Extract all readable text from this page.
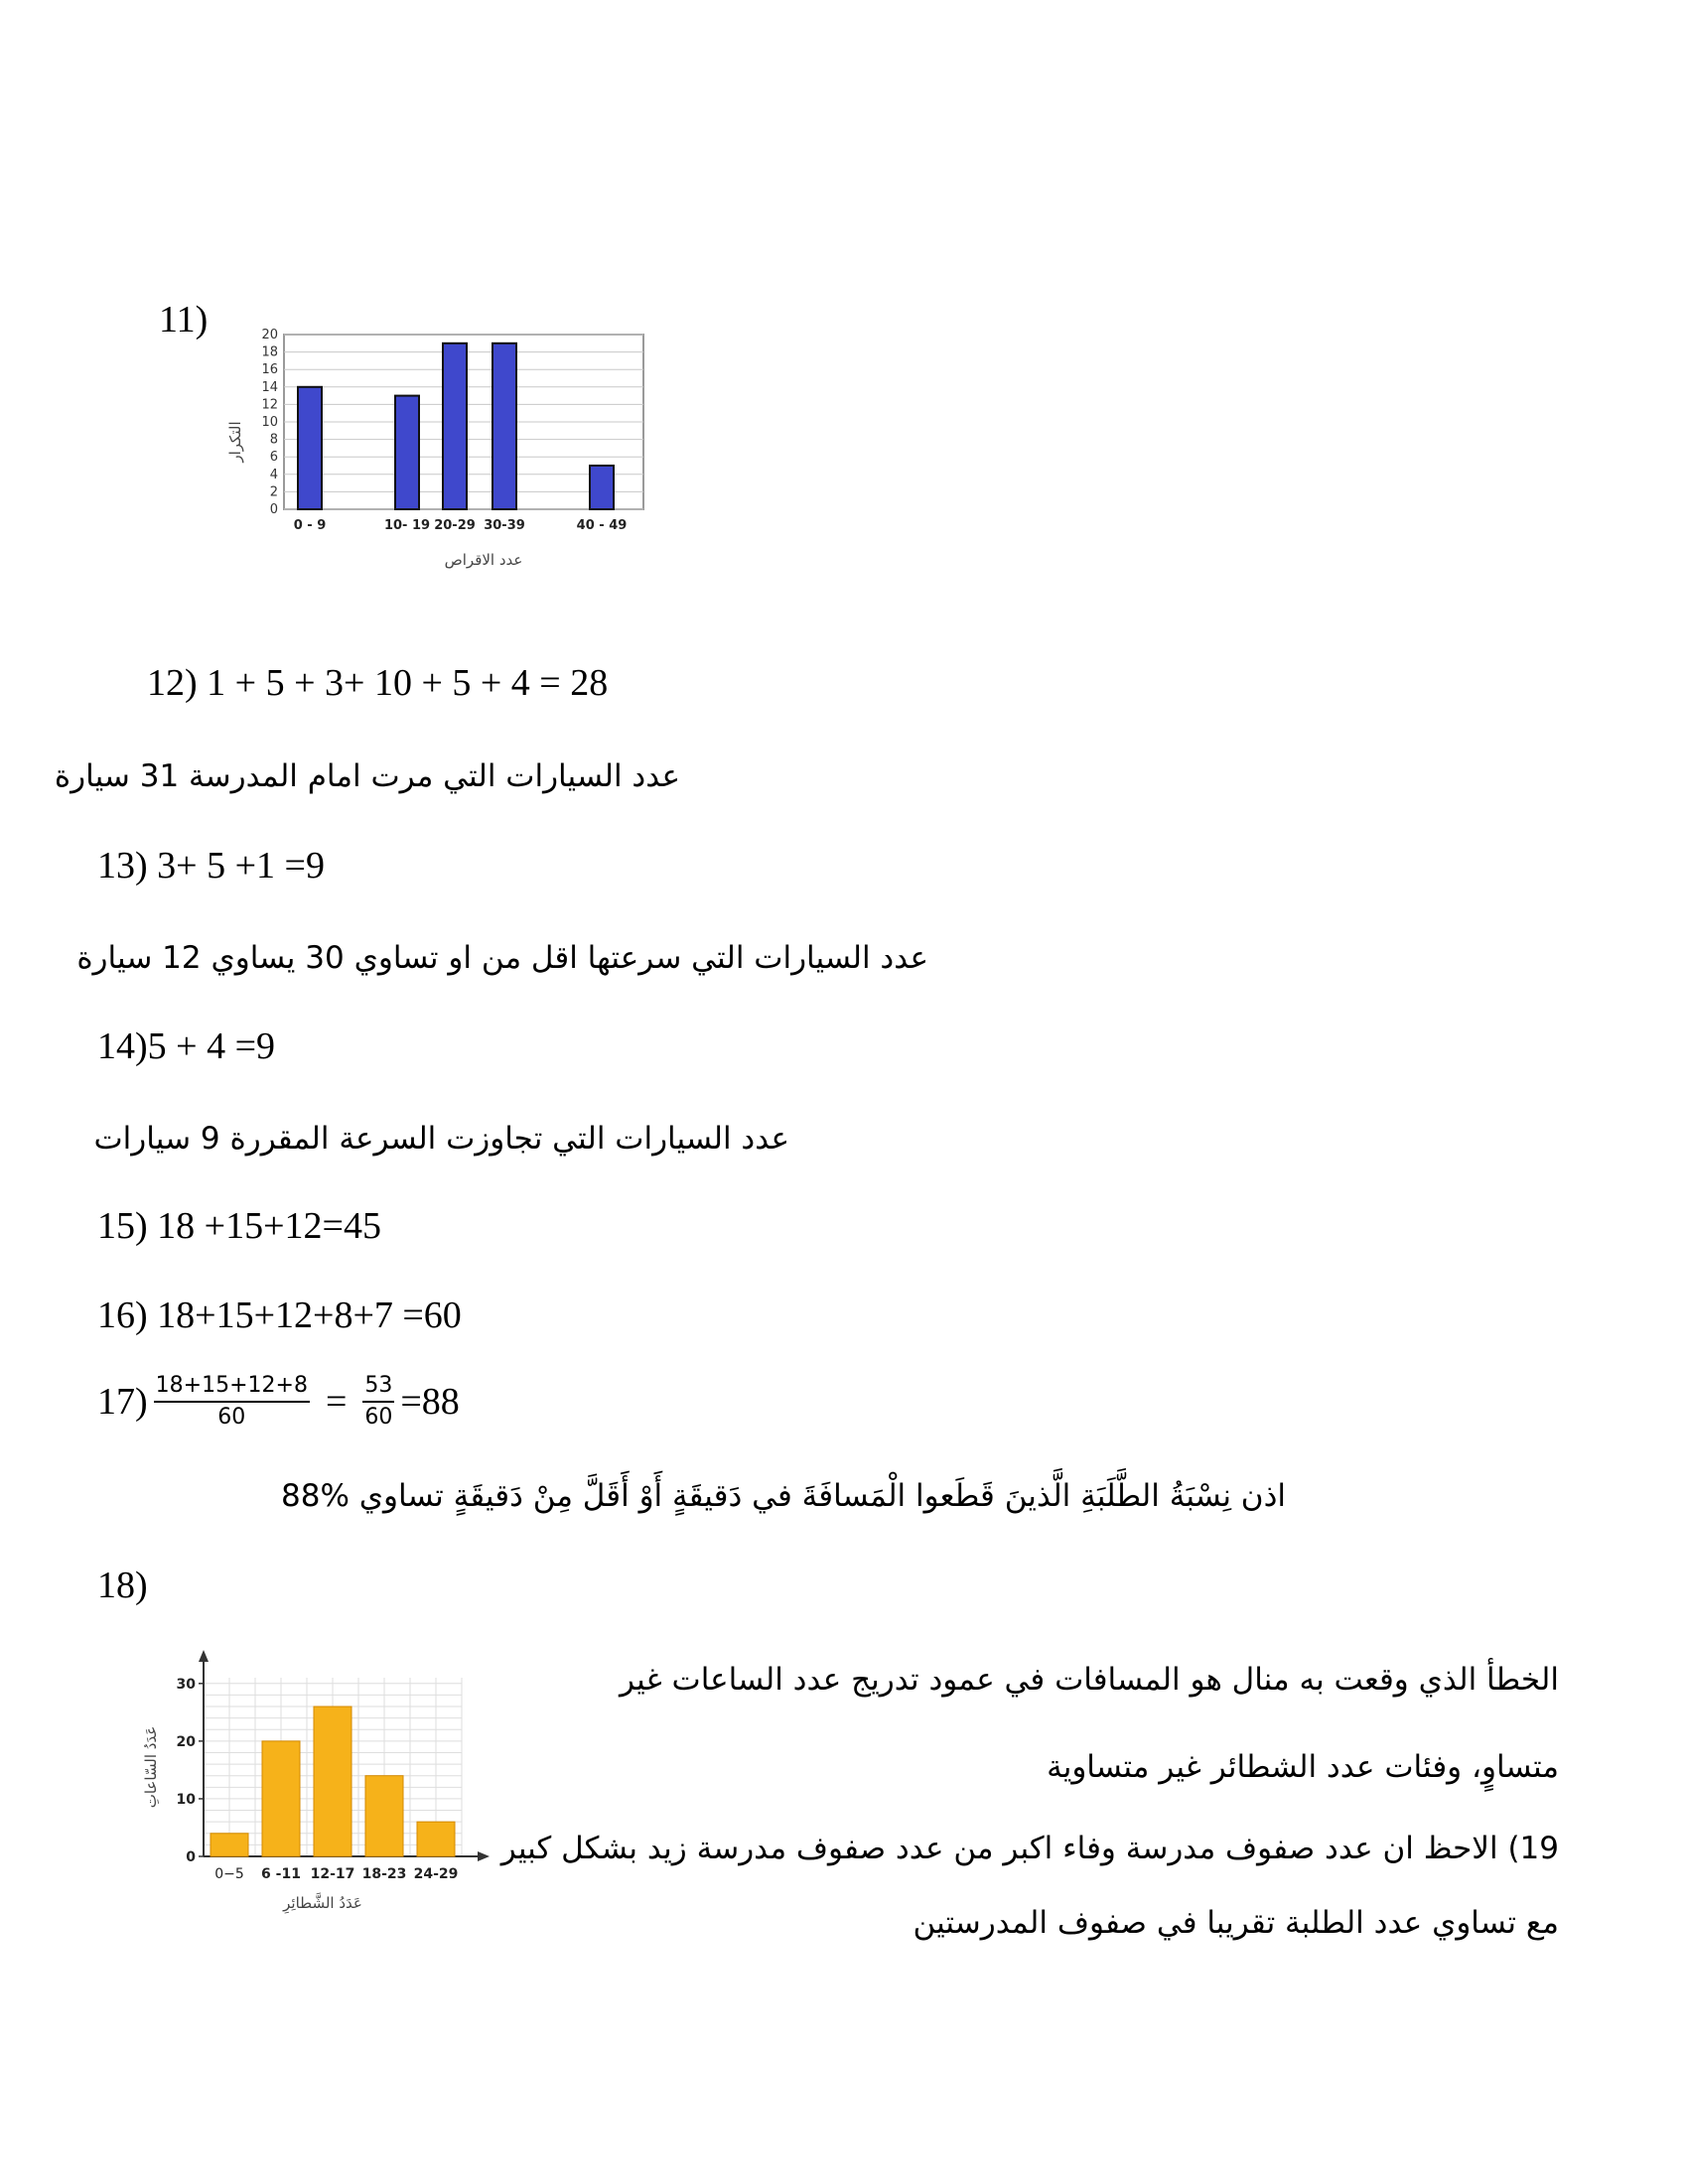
11)
0
2
4
6
8
10
12
14
16
18
20
0 - 9	10- 19 20-29 30-39	40 - 49
عدد الاقراص
التكرار
12) 1 + 5 + 3+ 10 + 5 + 4 = 28
عدد السيارات التي مرت امام المدرسة 31 سيارة
13) 3+ 5 +1 =9
عدد السيارات التي سرعتها اقل من او تساوي 30 يساوي 12 سيارة
14)5 + 4 =9
عدد السيارات التي تجاوزت السرعة المقررة 9 سيارات
15) 18 +15+12=45
16) 18+15+12+8+7 =60
$17) \frac{18+15+12+8}{60} = \frac{53}{60} =88$
اذن نِسْبَةُ الطَّلَبَةِ الَّذينَ قَطَعوا الْمَسافَةَ في دَقيقَةٍ أَوْ أَقَلَّ مِنْ دَقيقَةٍ تساوي %88
18)
0
10
20
30
0−5 6 -11 12-17 18-23 24-29
عَدَدُ الشَّطائِرِ
عَدَدُ السّاعاتِ
الخطأ الذي وقعت به منال هو المسافات في عمود تدريج عدد الساعات غير
متساوٍ، وفئات عدد الشطائر غير متساوية
19) الاحظ ان عدد صفوف مدرسة وفاء اكبر من عدد صفوف مدرسة زيد بشكل كبير
مع تساوي عدد الطلبة تقريبا في صفوف المدرستين
